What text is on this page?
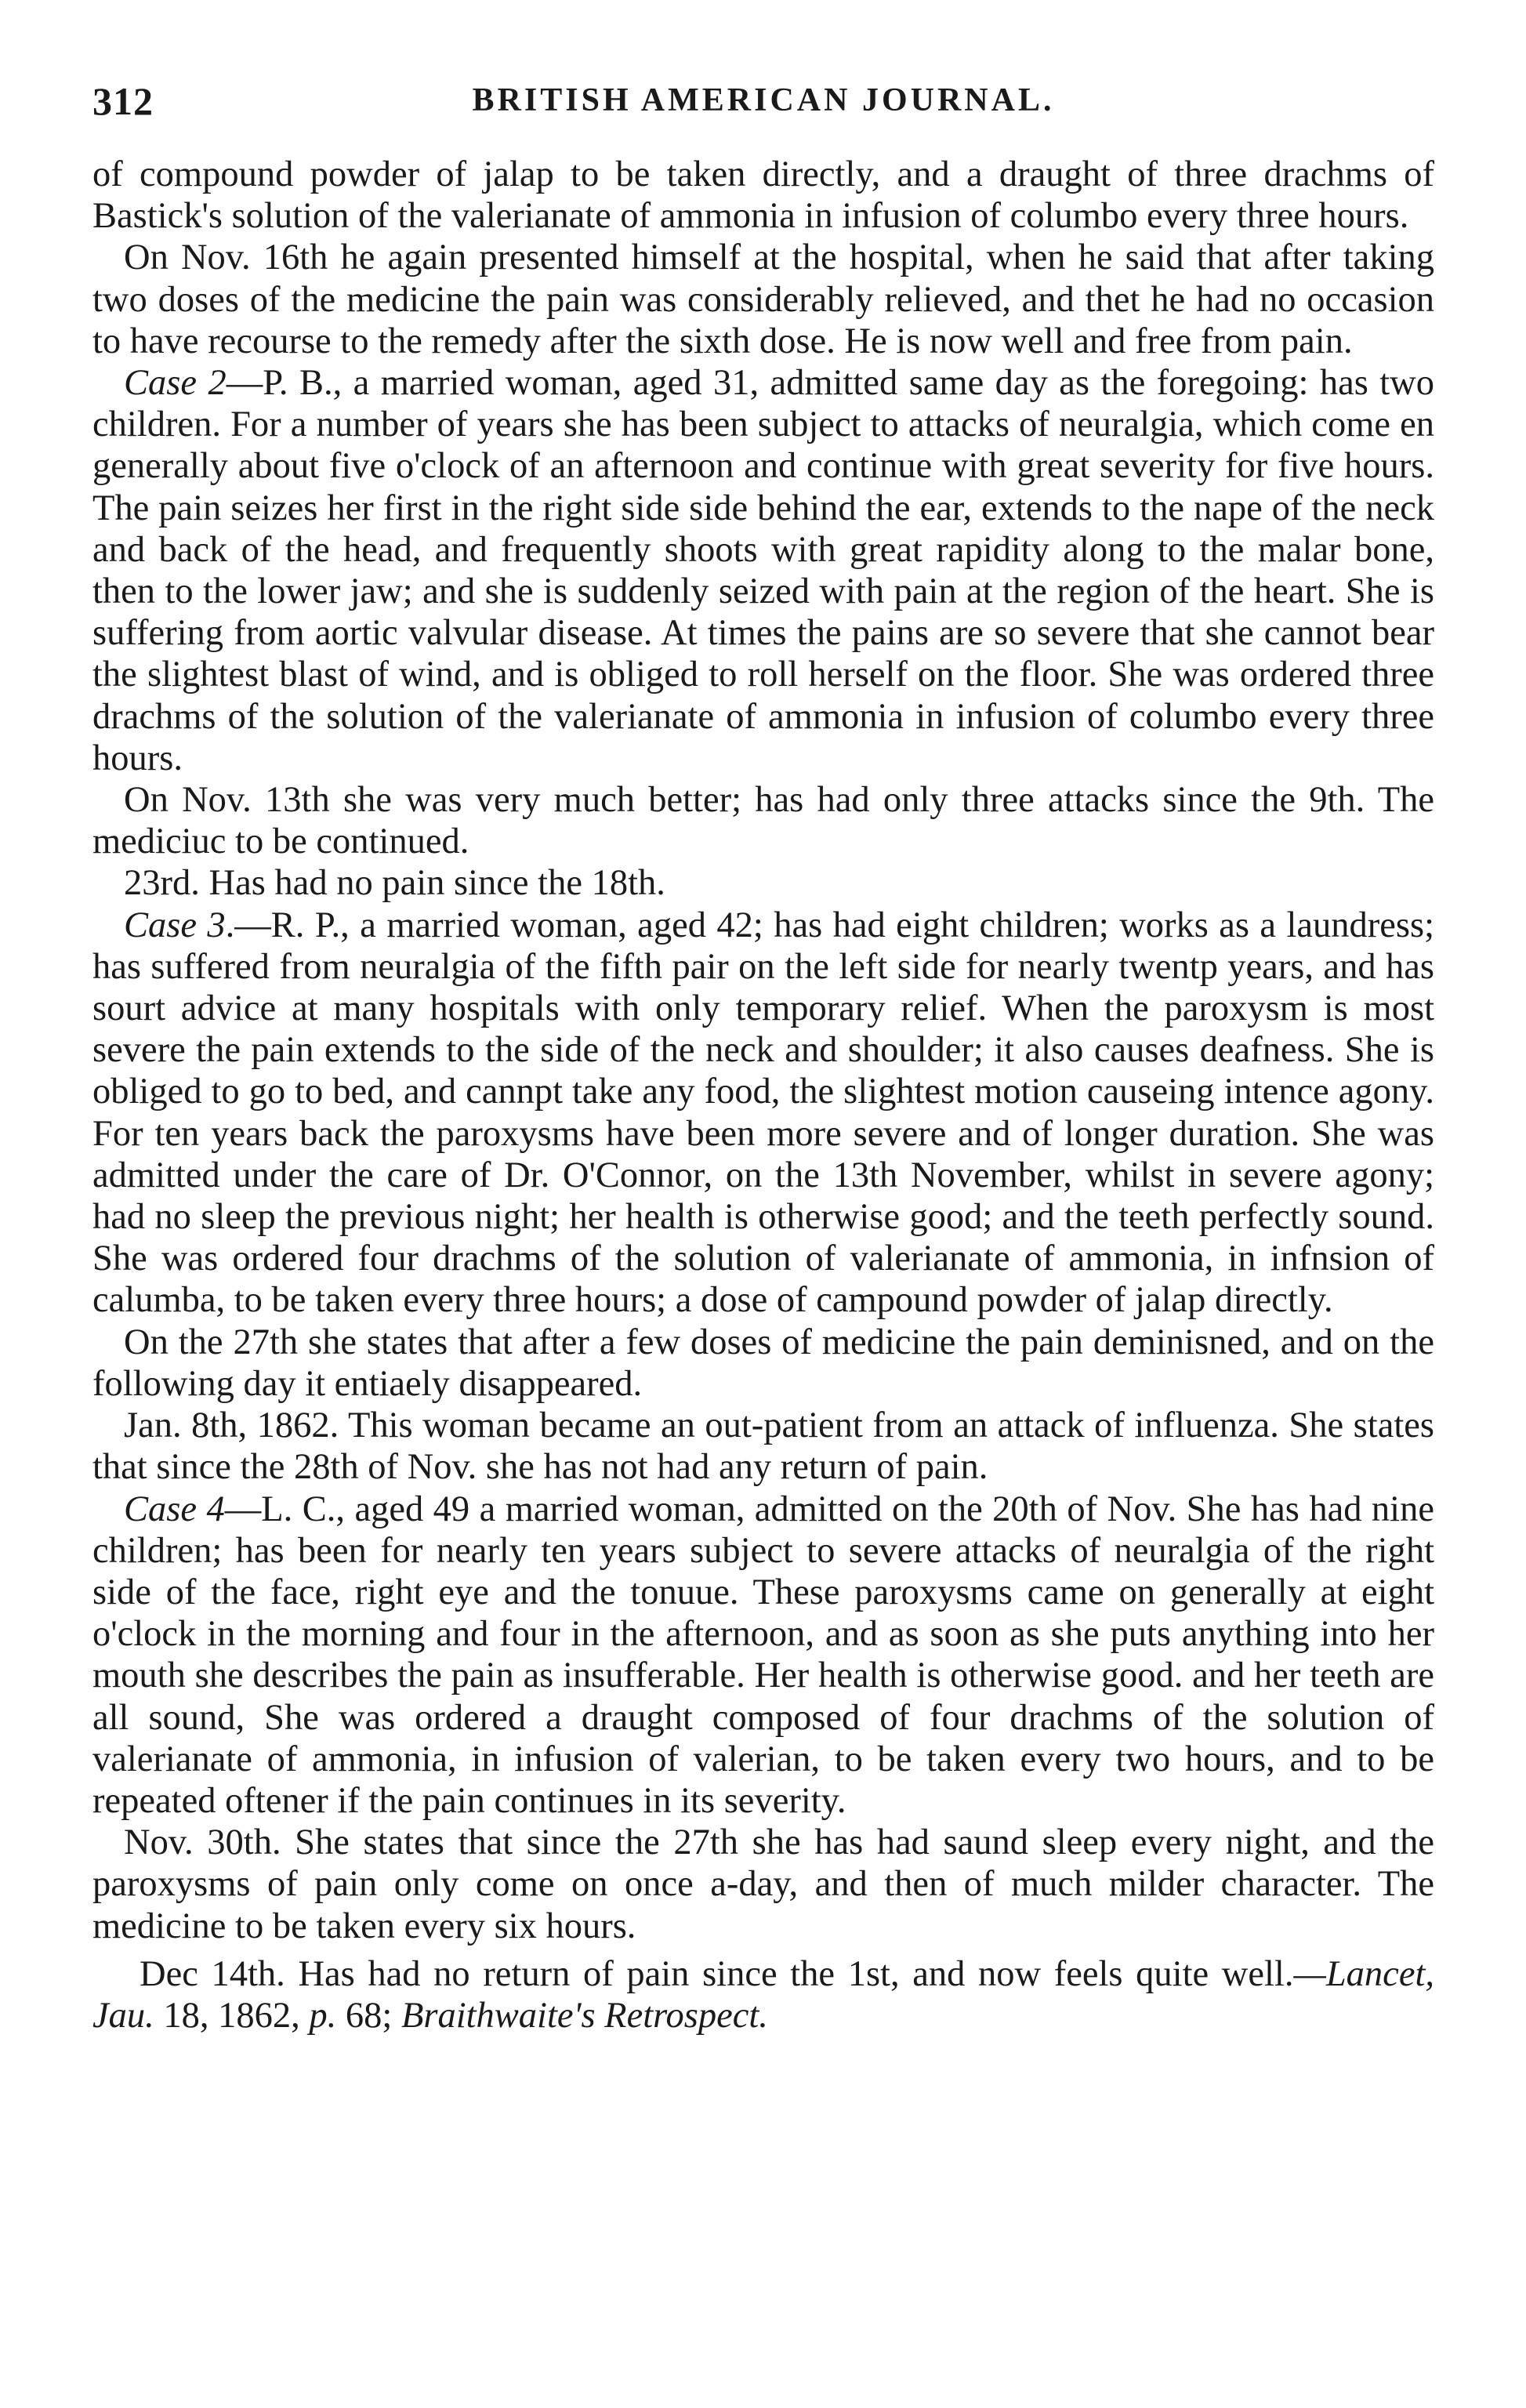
312	BRITISH AMERICAN JOURNAL.

of compound powder of jalap to be taken directly, and a draught of three drachms of Bastick's solution of the valerianate of ammonia in infusion of columbo every three hours.

On Nov. 16th he again presented himself at the hospital, when he said that after taking two doses of the medicine the pain was considerably relieved, and thet he had no occasion to have recourse to the remedy after the sixth dose. He is now well and free from pain.

Case 2—P. B., a married woman, aged 31, admitted same day as the foregoing: has two children. For a number of years she has been subject to attacks of neuralgia, which come en generally about five o'clock of an afternoon and continue with great severity for five hours. The pain seizes her first in the right side side behind the ear, extends to the nape of the neck and back of the head, and frequently shoots with great rapidity along to the malar bone, then to the lower jaw; and she is suddenly seized with pain at the region of the heart. She is suffering from aortic valvular disease. At times the pains are so severe that she cannot bear the slightest blast of wind, and is obliged to roll herself on the floor. She was ordered three drachms of the solution of the valerianate of ammonia in infusion of columbo every three hours.

On Nov. 13th she was very much better; has had only three attacks since the 9th. The mediciuc to be continued.

23rd. Has had no pain since the 18th.

Case 3.—R. P., a married woman, aged 42; has had eight children; works as a laundress; has suffered from neuralgia of the fifth pair on the left side for nearly twentp years, and has sourt advice at many hospitals with only temporary relief. When the paroxysm is most severe the pain extends to the side of the neck and shoulder; it also causes deafness. She is obliged to go to bed, and cannpt take any food, the slightest motion causeing intence agony. For ten years back the paroxysms have been more severe and of longer duration. She was admitted under the care of Dr. O'Connor, on the 13th November, whilst in severe agony; had no sleep the previous night; her health is otherwise good; and the teeth perfectly sound. She was ordered four drachms of the solution of valerianate of ammonia, in infnsion of calumba, to be taken every three hours; a dose of campound powder of jalap directly.

On the 27th she states that after a few doses of medicine the pain deminisned, and on the following day it entiaely disappeared.

Jan. 8th, 1862. This woman became an out-patient from an attack of influenza. She states that since the 28th of Nov. she has not had any return of pain.

Case 4—L. C., aged 49 a married woman, admitted on the 20th of Nov. She has had nine children; has been for nearly ten years subject to severe attacks of neuralgia of the right side of the face, right eye and the tonuue. These paroxysms came on generally at eight o'clock in the morning and four in the afternoon, and as soon as she puts anything into her mouth she describes the pain as insufferable. Her health is otherwise good. and her teeth are all sound, She was ordered a draught composed of four drachms of the solution of valerianate of ammonia, in infusion of valerian, to be taken every two hours, and to be repeated oftener if the pain continues in its severity.

Nov. 30th. She states that since the 27th she has had saund sleep every night, and the paroxysms of pain only come on once a-day, and then of much milder character. The medicine to be taken every six hours.

Dec 14th. Has had no return of pain since the 1st, and now feels quite well.—Lancet, Jau. 18, 1862, p. 68; Braithwaite's Retrospect.
